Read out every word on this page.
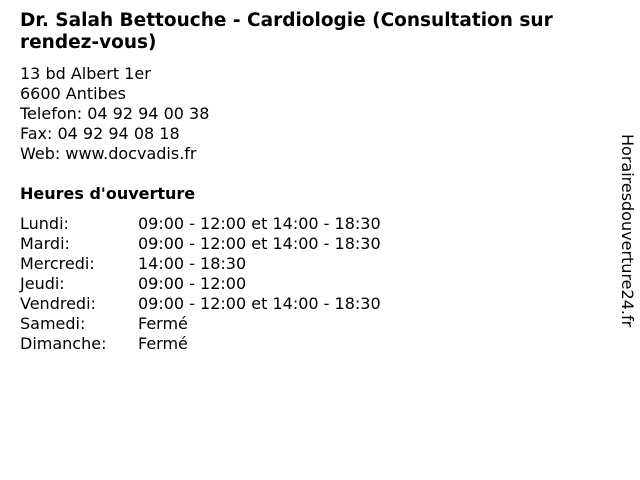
Dr. Salah Bettouche - Cardiologie (Consultation sur rendez-vous)
13 bd Albert 1er
6600 Antibes
Telefon: 04 92 94 00 38
Fax: 04 92 94 08 18
Web: www.docvadis.fr
Heures d'ouverture
Lundi:	09:00 - 12:00 et 14:00 - 18:30
Mardi:	09:00 - 12:00 et 14:00 - 18:30
Mercredi:	14:00 - 18:30
Jeudi:	09:00 - 12:00
Vendredi:	09:00 - 12:00 et 14:00 - 18:30
Samedi:	Fermé
Dimanche: Fermé
Horairesdouverture24.fr
